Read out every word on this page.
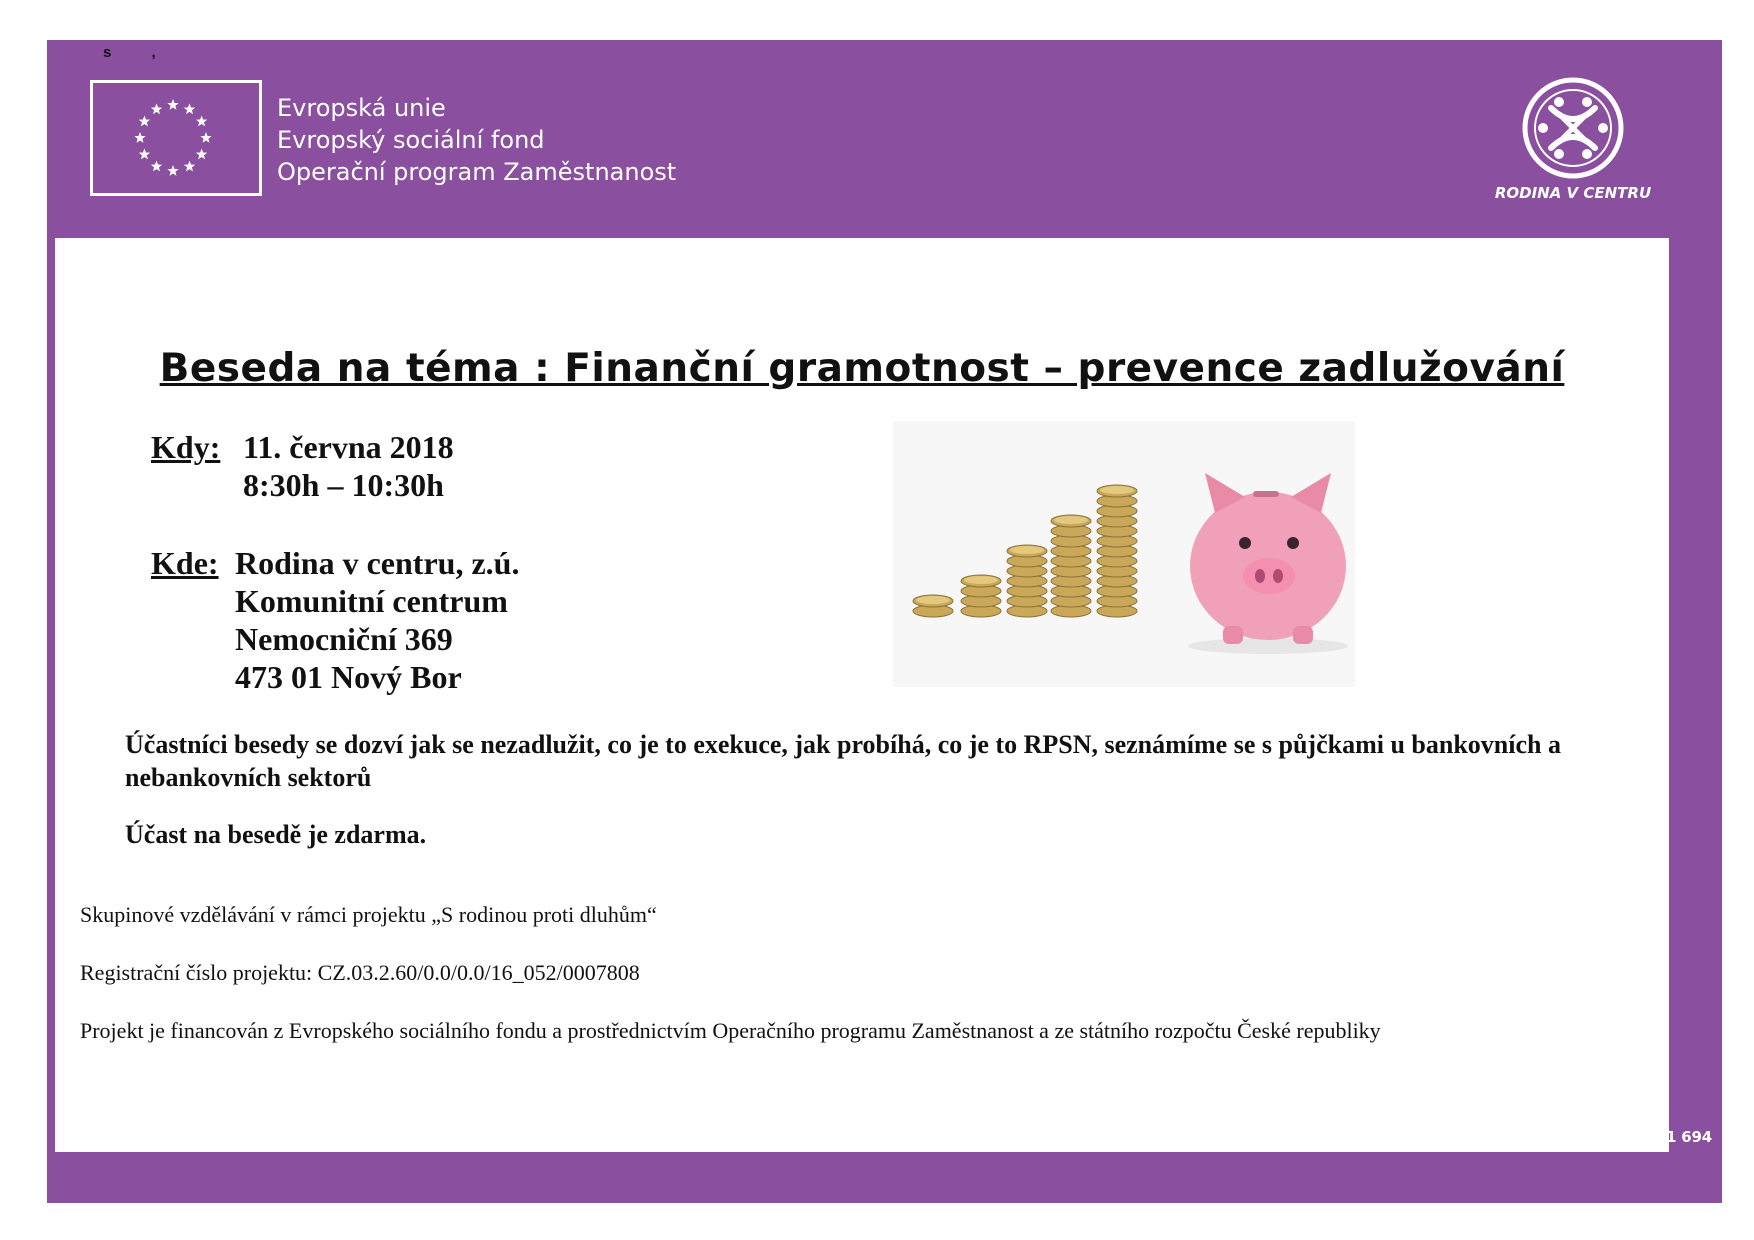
s ,
Evropská unie
Evropský sociální fond
Operační program Zaměstnanost
RODINA V CENTRU
Beseda na téma : Finanční gramotnost – prevence zadlužování
Kdy: 11. června 2018
8:30h – 10:30h
Kde: Rodina v centru, z.ú.
Komunitní centrum
Nemocniční 369
473 01 Nový Bor
Účastníci besedy se dozví jak se nezadlužit, co je to exekuce, jak probíhá, co je to RPSN, seznámíme se s půjčkami u bankovních a nebankovních sektorů
Účast na besedě je zdarma.
Skupinové vzdělávání v rámci projektu „S rodinou proti dluhům“
Registrační číslo projektu: CZ.03.2.60/0.0/0.0/16_052/0007808
Projekt je financován z Evropského sociálního fondu a prostřednictvím Operačního programu Zaměstnanost a ze státního rozpočtu České republiky
Rodina v centru, z.ú. | IČ: 27004295 | Purkyňova 65 | 473 01 Nový Bor | www.rodinavcentru.cz | info@rodinavcentru.cz | 778 001 694
